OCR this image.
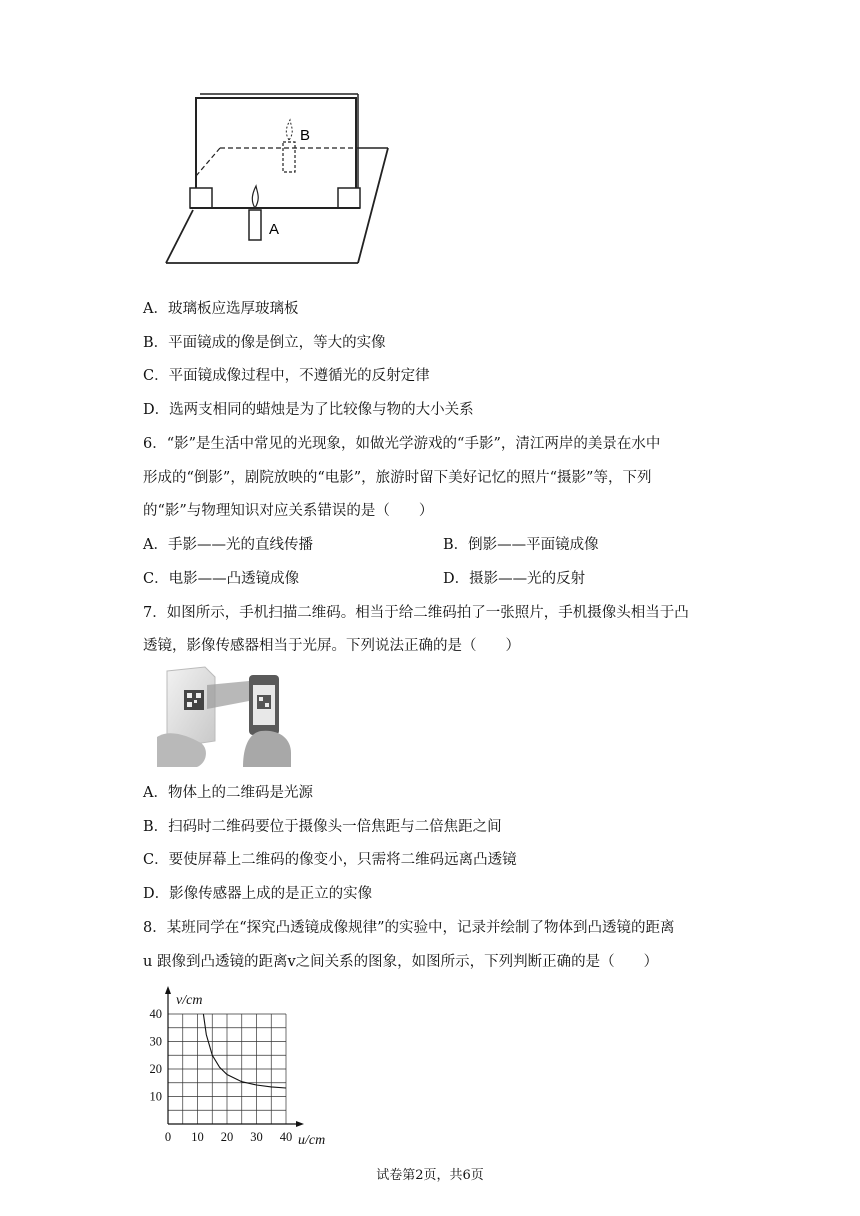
A
B
A．玻璃板应选厚玻璃板
B．平面镜成的像是倒立，等大的实像
C．平面镜成像过程中，不遵循光的反射定律
D．选两支相同的蜡烛是为了比较像与物的大小关系
6．“影”是生活中常见的光现象，如做光学游戏的“手影”，清江两岸的美景在水中
形成的“倒影”，剧院放映的“电影”，旅游时留下美好记忆的照片“摄影”等，下列
的“影”与物理知识对应关系错误的是（　　）
A．手影——光的直线传播	B．倒影——平面镜成像
C．电影——凸透镜成像	D．摄影——光的反射
7．如图所示，手机扫描二维码。相当于给二维码拍了一张照片，手机摄像头相当于凸
透镜，影像传感器相当于光屏。下列说法正确的是（　　）
A．物体上的二维码是光源
B．扫码时二维码要位于摄像头一倍焦距与二倍焦距之间
C．要使屏幕上二维码的像变小，只需将二维码远离凸透镜
D．影像传感器上成的是正立的实像
8．某班同学在“探究凸透镜成像规律”的实验中，记录并绘制了物体到凸透镜的距离
u 跟像到凸透镜的距离v之间关系的图象，如图所示，下列判断正确的是（　　）
0 10 20 30 40
10
20
30
40
u/cm
v/cm
试卷第2页，共6页
